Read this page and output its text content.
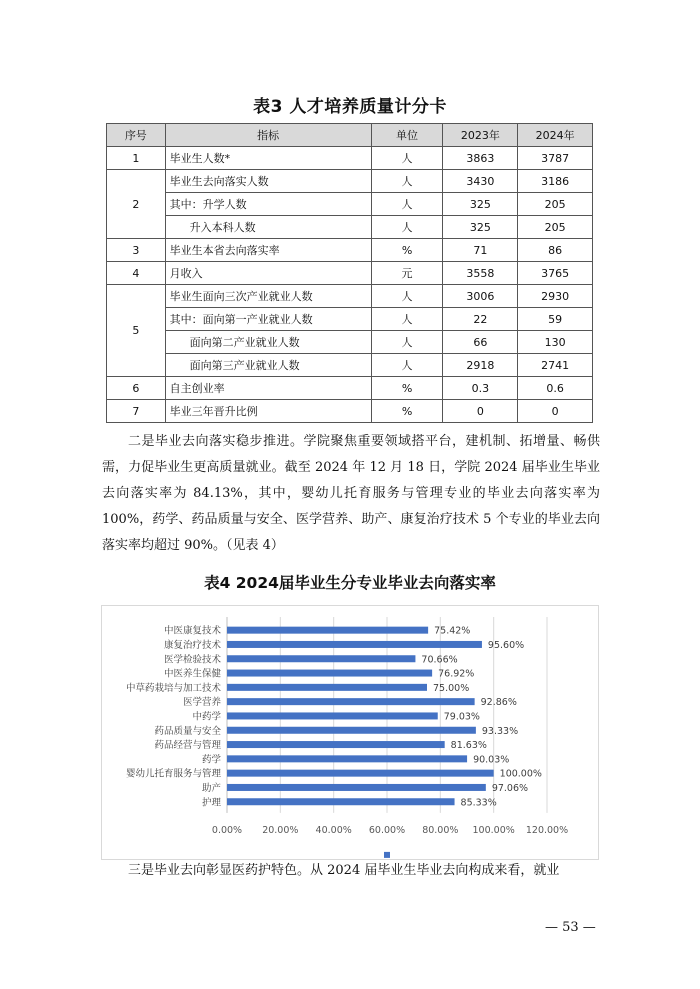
表3 人才培养质量计分卡
序号	指标	单位	2023年	2024年
1	毕业生人数*	人	3863	3787
2	毕业生去向落实人数	人	3430	3186
	其中：升学人数	人	325	205
	升入本科人数	人	325	205
3	毕业生本省去向落实率	%	71	86
4	月收入	元	3558	3765
5	毕业生面向三次产业就业人数	人	3006	2930
	其中：面向第一产业就业人数	人	22	59
	面向第二产业就业人数	人	66	130
	面向第三产业就业人数	人	2918	2741
6	自主创业率	%	0.3	0.6
7	毕业三年晋升比例	%	0	0
二是毕业去向落实稳步推进。学院聚焦重要领域搭平台，建机制、拓增量、畅供需，力促毕业生更高质量就业。截至 2024 年 12 月 18 日，学院 2024 届毕业生毕业去向落实率为 84.13%，其中，婴幼儿托育服务与管理专业的毕业去向落实率为 100%，药学、药品质量与安全、医学营养、助产、康复治疗技术 5 个专业的毕业去向落实率均超过 90%。（见表 4）
表4 2024届毕业生分专业毕业去向落实率
中医康复技术	75.42%
康复治疗技术	95.60%
医学检验技术	70.66%
中医养生保健	76.92%
中草药栽培与加工技术	75.00%
医学营养	92.86%
中药学	79.03%
药品质量与安全	93.33%
药品经营与管理	81.63%
药学	90.03%
婴幼儿托育服务与管理	100.00%
助产	97.06%
护理	85.33%
0.00% 20.00% 40.00% 60.00% 80.00% 100.00% 120.00%
三是毕业去向彰显医药护特色。从 2024 届毕业生毕业去向构成来看，就业
— 53 —
